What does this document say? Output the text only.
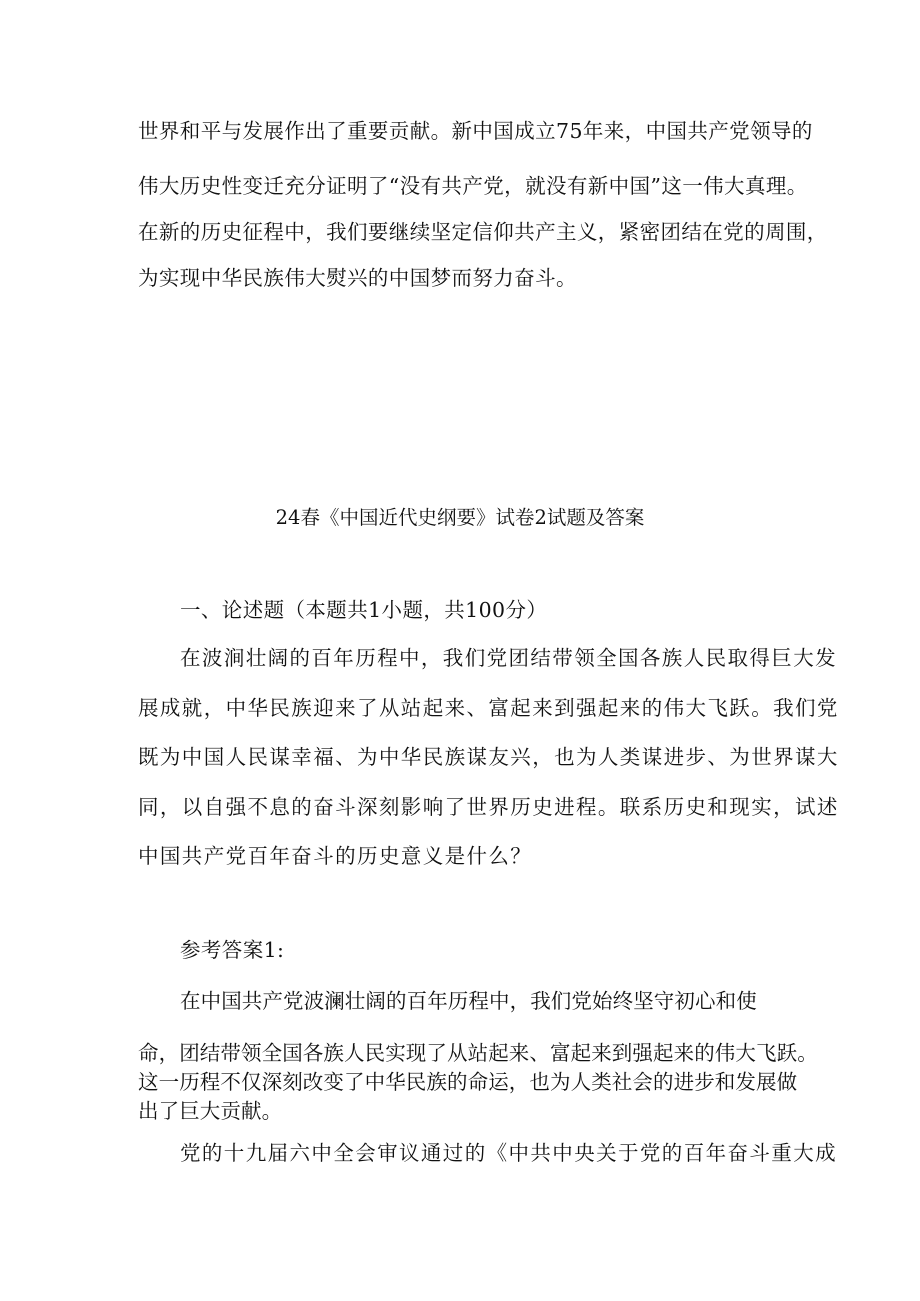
世界和平与发展作出了重要贡献。新中国成立75年来，中国共产党领导的
伟大历史性变迁充分证明了“没有共产党，就没有新中国”这一伟大真理。
在新的历史征程中，我们要继续坚定信仰共产主义，紧密团结在党的周围，
为实现中华民族伟大熨兴的中国梦而努力奋斗。
24春《中国近代史纲要》试卷2试题及答案
一、论述题（本题共1小题，共100分）
在波涧壮阔的百年历程中，我们党团结带领全国各族人民取得巨大发
展成就，中华民族迎来了从站起来、富起来到强起来的伟大飞跃。我们党
既为中国人民谋幸福、为中华民族谋友兴，也为人类谋进步、为世界谋大
同，以自强不息的奋斗深刻影响了世界历史进程。联系历史和现实，试述
中国共产党百年奋斗的历史意义是什么？
参考答案1:
在中国共产党波澜壮阔的百年历程中，我们党始终坚守初心和使
命，团结带领全国各族人民实现了从站起来、富起来到强起来的伟大飞跃。
这一历程不仅深刻改变了中华民族的命运，也为人类社会的进步和发展做
出了巨大贡献。
党的十九届六中全会审议通过的《中共中央关于党的百年奋斗重大成
